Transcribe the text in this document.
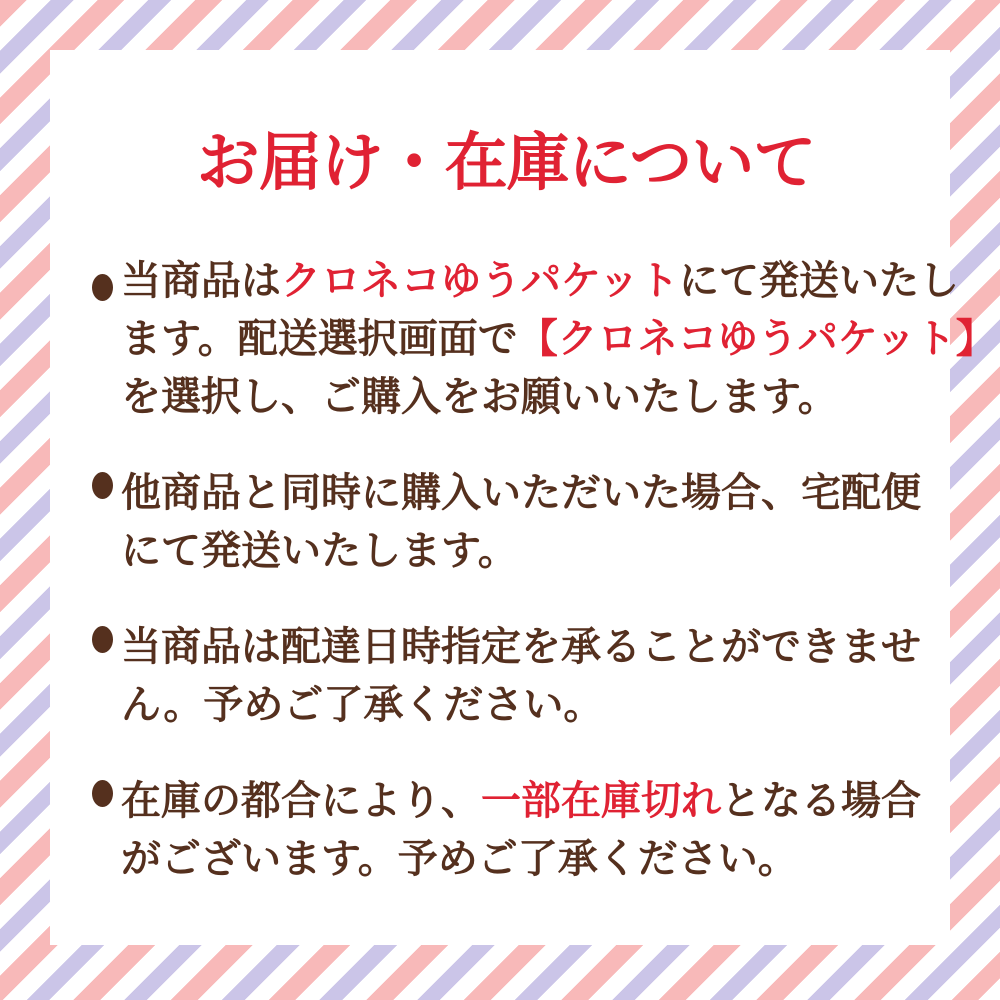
お届け・在庫について
当商品はクロネコゆうパケットにて発送いたし
ます。配送選択画面で【クロネコゆうパケット】
を選択し、ご購入をお願いいたします。
他商品と同時に購入いただいた場合、宅配便
にて発送いたします。
当商品は配達日時指定を承ることができませ
ん。予めご了承ください。
在庫の都合により、一部在庫切れとなる場合
がございます。予めご了承ください。
